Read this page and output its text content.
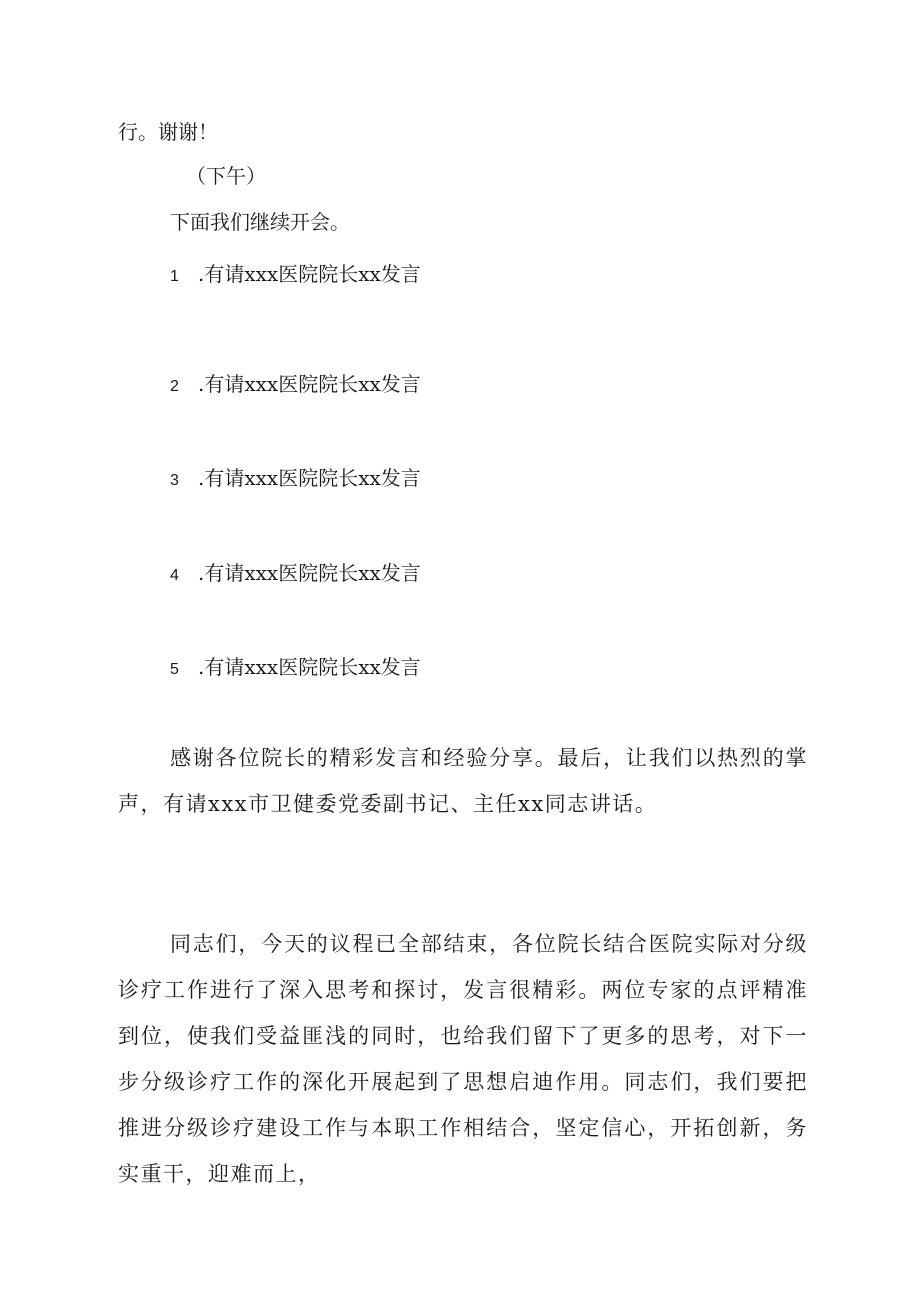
行。谢谢！

（下午）

下面我们继续开会。

1 .有请xxx医院院长xx发言

2 .有请xxx医院院长xx发言

3 .有请xxx医院院长xx发言

4 .有请xxx医院院长xx发言

5 .有请xxx医院院长xx发言

感谢各位院长的精彩发言和经验分享。最后，让我们以热烈的掌声，有请xxx市卫健委党委副书记、主任xx同志讲话。

同志们，今天的议程已全部结束，各位院长结合医院实际对分级诊疗工作进行了深入思考和探讨，发言很精彩。两位专家的点评精准到位，使我们受益匪浅的同时，也给我们留下了更多的思考，对下一步分级诊疗工作的深化开展起到了思想启迪作用。同志们，我们要把推进分级诊疗建设工作与本职工作相结合，坚定信心，开拓创新，务实重干，迎难而上，
